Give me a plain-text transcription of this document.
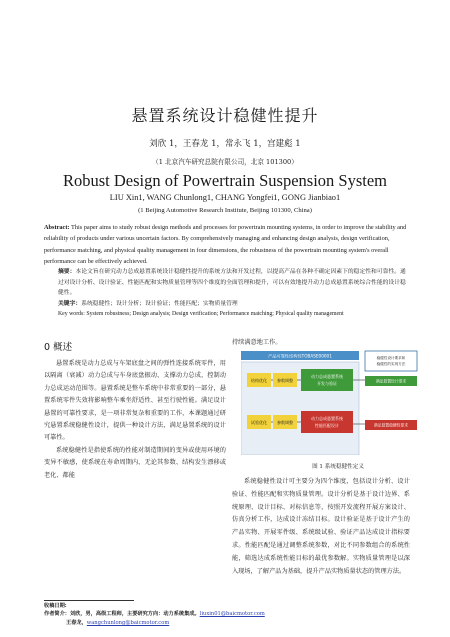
悬置系统设计稳健性提升
刘欣 1，王春龙 1，常永飞 1，宫建彪 1
（1 北京汽车研究总院有限公司，北京 101300）
Robust Design of Powertrain Suspension System
LIU Xin1, WANG Chunlong1, CHANG Yongfei1, GONG Jianbiao1
(1 Beijing Automotive Research Institute, Beijing 101300, China)
Abstract: This paper aims to study robust design methods and processes for powertrain mounting systems, in order to improve the stability and reliability of products under various uncertain factors. By comprehensively managing and enhancing design analysis, design verification, performance matching, and physical quality management in four dimensions, the robustness of the powertrain mounting system's overall performance can be effectively achieved.
摘要：本论文旨在研究动力总成悬置系统设计稳健性提升的系统方法和开发过程，以提高产品在各种不确定因素下的稳定性和可靠性。通过对设计分析、设计验证、性能匹配和实物质量管理等四个维度的全面管理和提升，可以有效地提升动力总成悬置系统综合性能的设计稳健性。
关键字：系统稳健性；设计分析；设计验证；性能匹配；实物质量管理
Key words: System robustness; Design analysis; Design verification; Performance matching; Physical quality management
0 概述

悬置系统是动力总成与车架底盘之间的弹性连接系统零件，用以隔离（衰减）动力总成与车身底盘振动、支撑动力总成、控制动力总成运动范围等。悬置系统是整车系统中非常重要的一部分，悬置系统零件失效将影响整车乘坐舒适性、甚至行驶性能。满足设计悬置的可靠性要求，是一项非常复杂和重要的工作，本课题通过研究悬置系统稳健性设计，提供一种设计方法，满足悬置系统的设计可靠性。

系统稳健性是指使系统的性能对制造期间的变异或使用环境的变异不敏感，使系统在寿命周期内、无论其参数、结构发生漂移或老化、都能

持续满意地工作。
产品可靠性结构性TOBASE00001
结构优化	参数调整
动力总成悬置系统
开发与验证
试验优化	参数调整
动力总成悬置系统
性能匹配设计
稳健性设计要求和
稳健性的实现方法
满足悬置设计要求
满足悬置稳健性要求
图 1 系统稳健性定义

系统稳健性设计可主要分为四个维度，包括设计分析、设计验证、性能匹配和实物质量管理。设计分析是基于设计边界、系统原理、设计目标、对标信息等，按照开发流程开展方案设计、仿真分析工作，达成设计冻结目标。设计验证是基于设计产生的产品实物、开展零件级、系统级试验、验证产品达成设计指标要求。性能匹配是通过调整系统参数，对比不同参数组合的系统性能，筛选达成系统性能目标的最优参数解。实物质量管理是以深入现场，了解产品为基础，提升产品实物质量状态的管理方法。

收稿日期:
作者简介：刘欣，男，高级工程师，主要研究方向：动力系统集成。liuxin01@baicmotor.com
王春龙，wangchunlong@baicmotor.com
